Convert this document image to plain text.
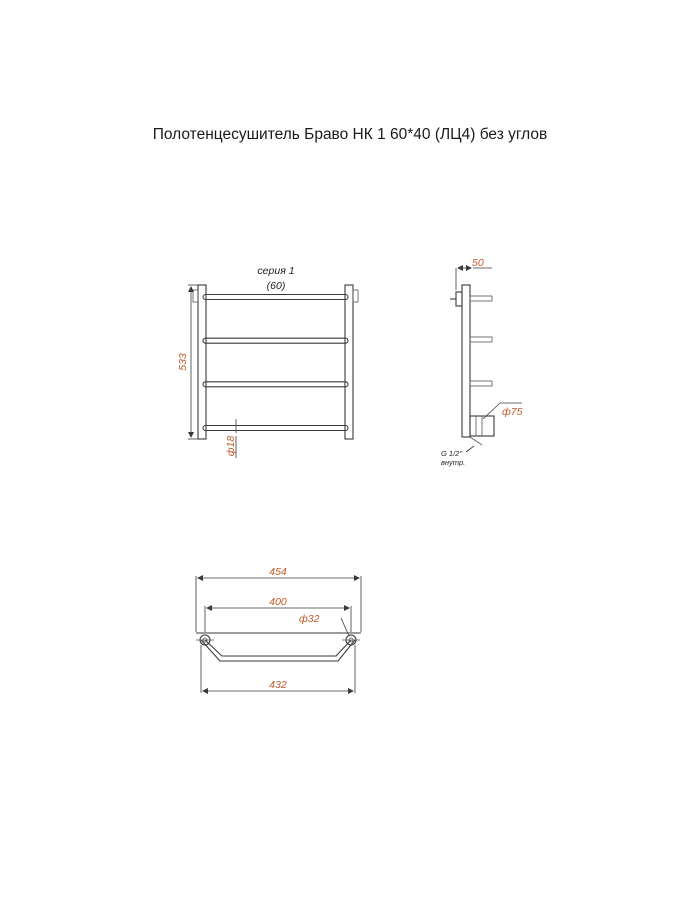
Полотенцесушитель Браво НК 1 60*40 (ЛЦ4) без углов
533
серия 1
(60)
ф18
50
ф75
G 1/2"
внутр.
454
400
ф32
432
